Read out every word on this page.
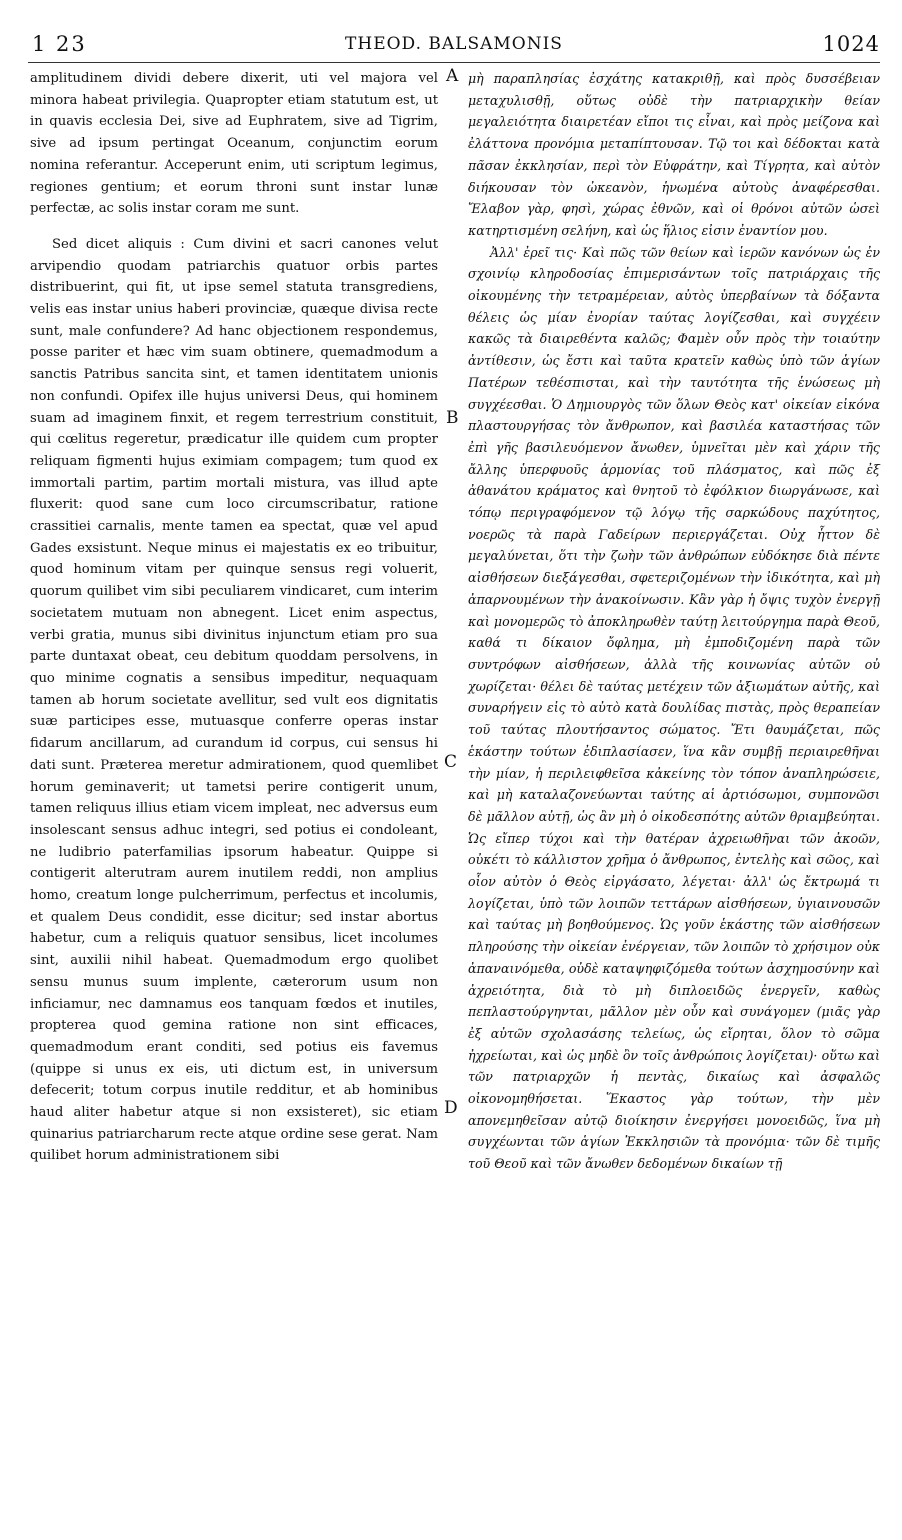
1 23	THEOD. BALSAMONIS	1024

amplitudinem dividi debere dixerit, uti vel majora vel minora habeat privilegia. Quapropter etiam statutum est, ut in quavis ecclesia Dei, sive ad Euphratem, sive ad Tigrim, sive ad ipsum pertingat Oceanum, conjunctim eorum nomina referantur. Acceperunt enim, uti scriptum legimus, regiones gentium; et eorum throni sunt instar lunæ perfectæ, ac solis instar coram me sunt.

Sed dicet aliquis : Cum divini et sacri canones velut arvipendio quodam patriarchis quatuor orbis partes distribuerint, qui fit, ut ipse semel statuta transgrediens, velis eas instar unius haberi provinciæ, quæque divisa recte sunt, male confundere? Ad hanc objectionem respondemus, posse pariter et hæc vim suam obtinere, quemadmodum a sanctis Patribus sancita sint, et tamen identitatem unionis non confundi. Opifex ille hujus universi Deus, qui hominem suam ad imaginem finxit, et regem terrestrium constituit, qui cœlitus regeretur, prædicatur ille quidem cum propter reliquam figmenti hujus eximiam compagem; tum quod ex immortali partim, partim mortali mistura, vas illud apte fluxerit: quod sane cum loco circumscribatur, ratione crassitiei carnalis, mente tamen ea spectat, quæ vel apud Gades exsistunt. Neque minus ei majestatis ex eo tribuitur, quod hominum vitam per quinque sensus regi voluerit, quorum quilibet vim sibi peculiarem vindicaret, cum interim societatem mutuam non abnegent. Licet enim aspectus, verbi gratia, munus sibi divinitus injunctum etiam pro sua parte duntaxat obeat, ceu debitum quoddam persolvens, in quo minime cognatis a sensibus impeditur, nequaquam tamen ab horum societate avellitur, sed vult eos dignitatis suæ participes esse, mutuasque conferre operas instar fidarum ancillarum, ad curandum id corpus, cui sensus hi dati sunt. Præterea meretur admirationem, quod quemlibet horum geminaverit; ut tametsi perire contigerit unum, tamen reliquus illius etiam vicem impleat, nec adversus eum insolescant sensus adhuc integri, sed potius ei condoleant, ne ludibrio paterfamilias ipsorum habeatur. Quippe si contigerit alterutram aurem inutilem reddi, non amplius homo, creatum longe pulcherrimum, perfectus et incolumis, et qualem Deus condidit, esse dicitur; sed instar abortus habetur, cum a reliquis quatuor sensibus, licet incolumes sint, auxilii nihil habeat. Quemadmodum ergo quolibet sensu munus suum implente, cæterorum usum non inficiamur, nec damnamus eos tanquam fœdos et inutiles, propterea quod gemina ratione non sint efficaces, quemadmodum erant conditi, sed potius eis favemus (quippe si unus ex eis, uti dictum est, in universum defecerit; totum corpus inutile redditur, et ab hominibus haud aliter habetur atque si non exsisteret), sic etiam quinarius patriarcharum recte atque ordine sese gerat. Nam quilibet horum administrationem sibi

A
B
C
D

μὴ παραπλησίας ἐσχάτης κατακριθῇ, καὶ πρὸς δυσσέβειαν μεταχυλισθῇ, οὕτως οὐδὲ τὴν πατριαρχικὴν θείαν μεγαλειότητα διαιρετέαν εἴποι τις εἶναι, καὶ πρὸς μείζονα καὶ ἐλάττονα προνόμια μεταπίπτουσαν. Τῷ τοι καὶ δέδοκται κατὰ πᾶσαν ἐκκλησίαν, περὶ τὸν Εὐφράτην, καὶ Τίγρητα, καὶ αὐτὸν διήκουσαν τὸν ὠκεανὸν, ἡνωμένα αὐτοὺς ἀναφέρεσθαι. Ἔλαβον γὰρ, φησὶ, χώρας ἐθνῶν, καὶ οἱ θρόνοι αὐτῶν ὡσεὶ κατηρτισμένη σελήνη, καὶ ὡς ἥλιος εἰσιν ἐναντίον μου.

Ἀλλ' ἐρεῖ τις· Καὶ πῶς τῶν θείων καὶ ἱερῶν κανόνων ὡς ἐν σχοινίῳ κληροδοσίας ἐπιμερισάντων τοῖς πατριάρχαις τῆς οἰκουμένης τὴν τετραμέρειαν, αὐτὸς ὑπερβαίνων τὰ δόξαντα θέλεις ὡς μίαν ἐνορίαν ταύτας λογίζεσθαι, καὶ συγχέειν κακῶς τὰ διαιρεθέντα καλῶς; Φαμὲν οὖν πρὸς τὴν τοιαύτην ἀντίθεσιν, ὡς ἔστι καὶ ταῦτα κρατεῖν καθὼς ὑπὸ τῶν ἁγίων Πατέρων τεθέσπισται, καὶ τὴν ταυτότητα τῆς ἑνώσεως μὴ συγχέεσθαι. Ὁ Δημιουργὸς τῶν ὅλων Θεὸς κατ' οἰκείαν εἰκόνα πλαστουργήσας τὸν ἄνθρωπον, καὶ βασιλέα καταστήσας τῶν ἐπὶ γῆς βασιλευόμενον ἄνωθεν, ὑμνεῖται μὲν καὶ χάριν τῆς ἄλλης ὑπερφυοῦς ἁρμονίας τοῦ πλάσματος, καὶ πῶς ἐξ ἀθανάτου κράματος καὶ θνητοῦ τὸ ἐφόλκιον διωργάνωσε, καὶ τόπῳ περιγραφόμενον τῷ λόγῳ τῆς σαρκώδους παχύτητος, νοερῶς τὰ παρὰ Γαδείρων περιεργάζεται. Οὐχ ἧττον δὲ μεγαλύνεται, ὅτι τὴν ζωὴν τῶν ἀνθρώπων εὐδόκησε διὰ πέντε αἰσθήσεων διεξάγεσθαι, σφετεριζομένων τὴν ἰδικότητα, καὶ μὴ ἀπαρνουμένων τὴν ἀνακοίνωσιν. Κἂν γὰρ ἡ ὄψις τυχὸν ἐνεργῇ καὶ μονομερῶς τὸ ἀποκληρωθὲν ταύτῃ λειτούργημα παρὰ Θεοῦ, καθά τι δίκαιον ὄφλημα, μὴ ἐμποδιζομένη παρὰ τῶν συντρόφων αἰσθήσεων, ἀλλὰ τῆς κοινωνίας αὐτῶν οὐ χωρίζεται· θέλει δὲ ταύτας μετέχειν τῶν ἀξιωμάτων αὐτῆς, καὶ συναρήγειν εἰς τὸ αὐτὸ κατὰ δουλίδας πιστὰς, πρὸς θεραπείαν τοῦ ταύτας πλουτήσαντος σώματος. Ἔτι θαυμάζεται, πῶς ἑκάστην τούτων ἐδιπλασίασεν, ἵνα κἂν συμβῇ περιαιρεθῆναι τὴν μίαν, ἡ περιλειφθεῖσα κἀκείνης τὸν τόπον ἀναπληρώσειε, καὶ μὴ καταλαζονεύωνται ταύτης αἱ ἀρτιόσωμοι, συμπονῶσι δὲ μᾶλλον αὐτῇ, ὡς ἂν μὴ ὁ οἰκοδεσπότης αὐτῶν θριαμβεύηται. Ὡς εἴπερ τύχοι καὶ τὴν θατέραν ἀχρειωθῆναι τῶν ἀκοῶν, οὐκέτι τὸ κάλλιστον χρῆμα ὁ ἄνθρωπος, ἐντελὴς καὶ σῶος, καὶ οἷον αὐτὸν ὁ Θεὸς εἰργάσατο, λέγεται· ἀλλ' ὡς ἔκτρωμά τι λογίζεται, ὑπὸ τῶν λοιπῶν τεττάρων αἰσθήσεων, ὑγιαινουσῶν καὶ ταύτας μὴ βοηθούμενος. Ὡς γοῦν ἑκάστης τῶν αἰσθήσεων πληρούσης τὴν οἰκείαν ἐνέργειαν, τῶν λοιπῶν τὸ χρήσιμον οὐκ ἀπαναινόμεθα, οὐδὲ καταψηφιζόμεθα τούτων ἀσχημοσύνην καὶ ἀχρειότητα, διὰ τὸ μὴ διπλοειδῶς ἐνεργεῖν, καθὼς πεπλαστούργηνται, μᾶλλον μὲν οὖν καὶ συνάγομεν (μιᾶς γὰρ ἐξ αὐτῶν σχολασάσης τελείως, ὡς εἴρηται, ὅλον τὸ σῶμα ἠχρείωται, καὶ ὡς μηδὲ ὂν τοῖς ἀνθρώποις λογίζεται)· οὕτω καὶ τῶν πατριαρχῶν ἡ πεντὰς, δικαίως καὶ ἀσφαλῶς οἰκονομηθήσεται. Ἕκαστος γὰρ τούτων, τὴν μὲν απονεμηθεῖσαν αὐτῷ διοίκησιν ἐνεργήσει μονοειδῶς, ἵνα μὴ συγχέωνται τῶν ἁγίων Ἐκκλησιῶν τὰ προνόμια· τῶν δὲ τιμῆς τοῦ Θεοῦ καὶ τῶν ἄνωθεν δεδομένων δικαίων τῇ
